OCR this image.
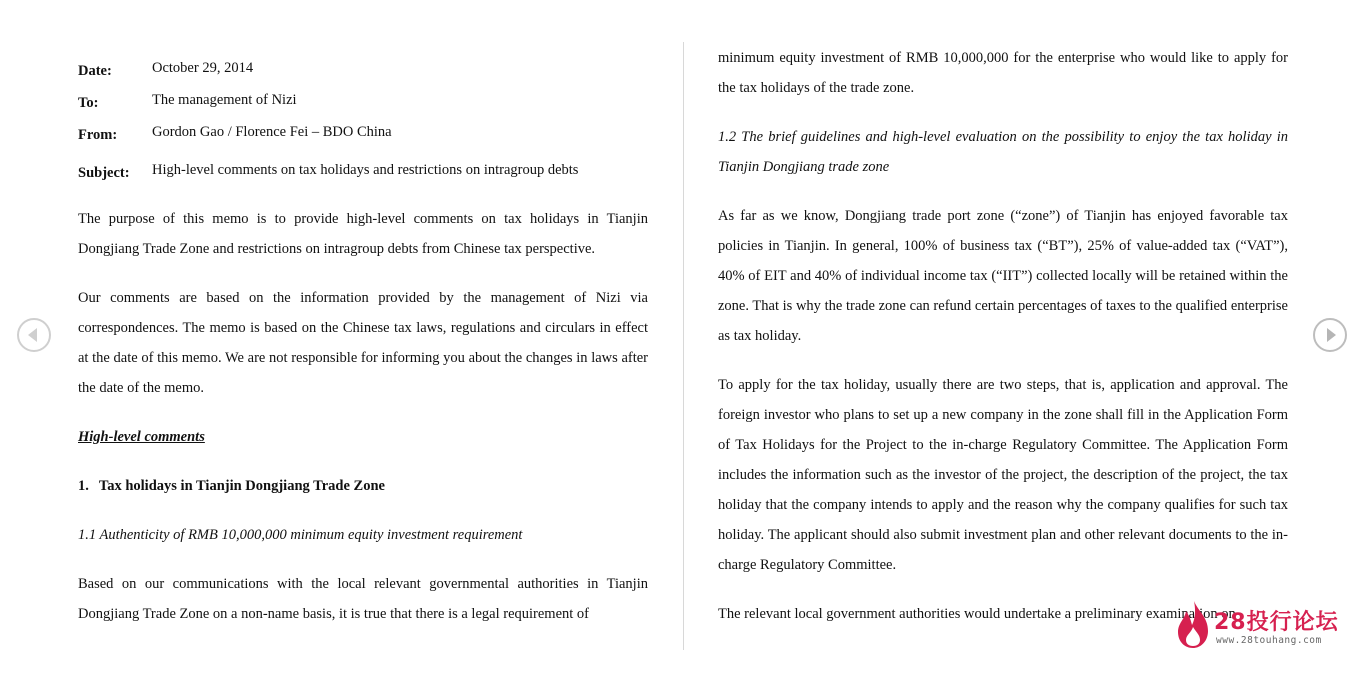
Date:	October 29, 2014
To:	The management of Nizi
From:	Gordon Gao / Florence Fei – BDO China
Subject:	High-level comments on tax holidays and restrictions on intragroup debts

The purpose of this memo is to provide high-level comments on tax holidays in Tianjin Dongjiang Trade Zone and restrictions on intragroup debts from Chinese tax perspective.

Our comments are based on the information provided by the management of Nizi via correspondences. The memo is based on the Chinese tax laws, regulations and circulars in effect at the date of this memo. We are not responsible for informing you about the changes in laws after the date of the memo.

High-level comments
1. Tax holidays in Tianjin Dongjiang Trade Zone
1.1 Authenticity of RMB 10,000,000 minimum equity investment requirement

Based on our communications with the local relevant governmental authorities in Tianjin Dongjiang Trade Zone on a non-name basis, it is true that there is a legal requirement of

minimum equity investment of RMB 10,000,000 for the enterprise who would like to apply for the tax holidays of the trade zone.

1.2 The brief guidelines and high-level evaluation on the possibility to enjoy the tax holiday in Tianjin Dongjiang trade zone

As far as we know, Dongjiang trade port zone (“zone”) of Tianjin has enjoyed favorable tax policies in Tianjin. In general, 100% of business tax (“BT”), 25% of value-added tax (“VAT”), 40% of EIT and 40% of individual income tax (“IIT”) collected locally will be retained within the zone. That is why the trade zone can refund certain percentages of taxes to the qualified enterprise as tax holiday.

To apply for the tax holiday, usually there are two steps, that is, application and approval. The foreign investor who plans to set up a new company in the zone shall fill in the Application Form of Tax Holidays for the Project to the in-charge Regulatory Committee. The Application Form includes the information such as the investor of the project, the description of the project, the tax holiday that the company intends to apply and the reason why the company qualifies for such tax holiday. The applicant should also submit investment plan and other relevant documents to the in-charge Regulatory Committee.

The relevant local government authorities would undertake a preliminary examination on

28投行论坛
www.28touhang.com
